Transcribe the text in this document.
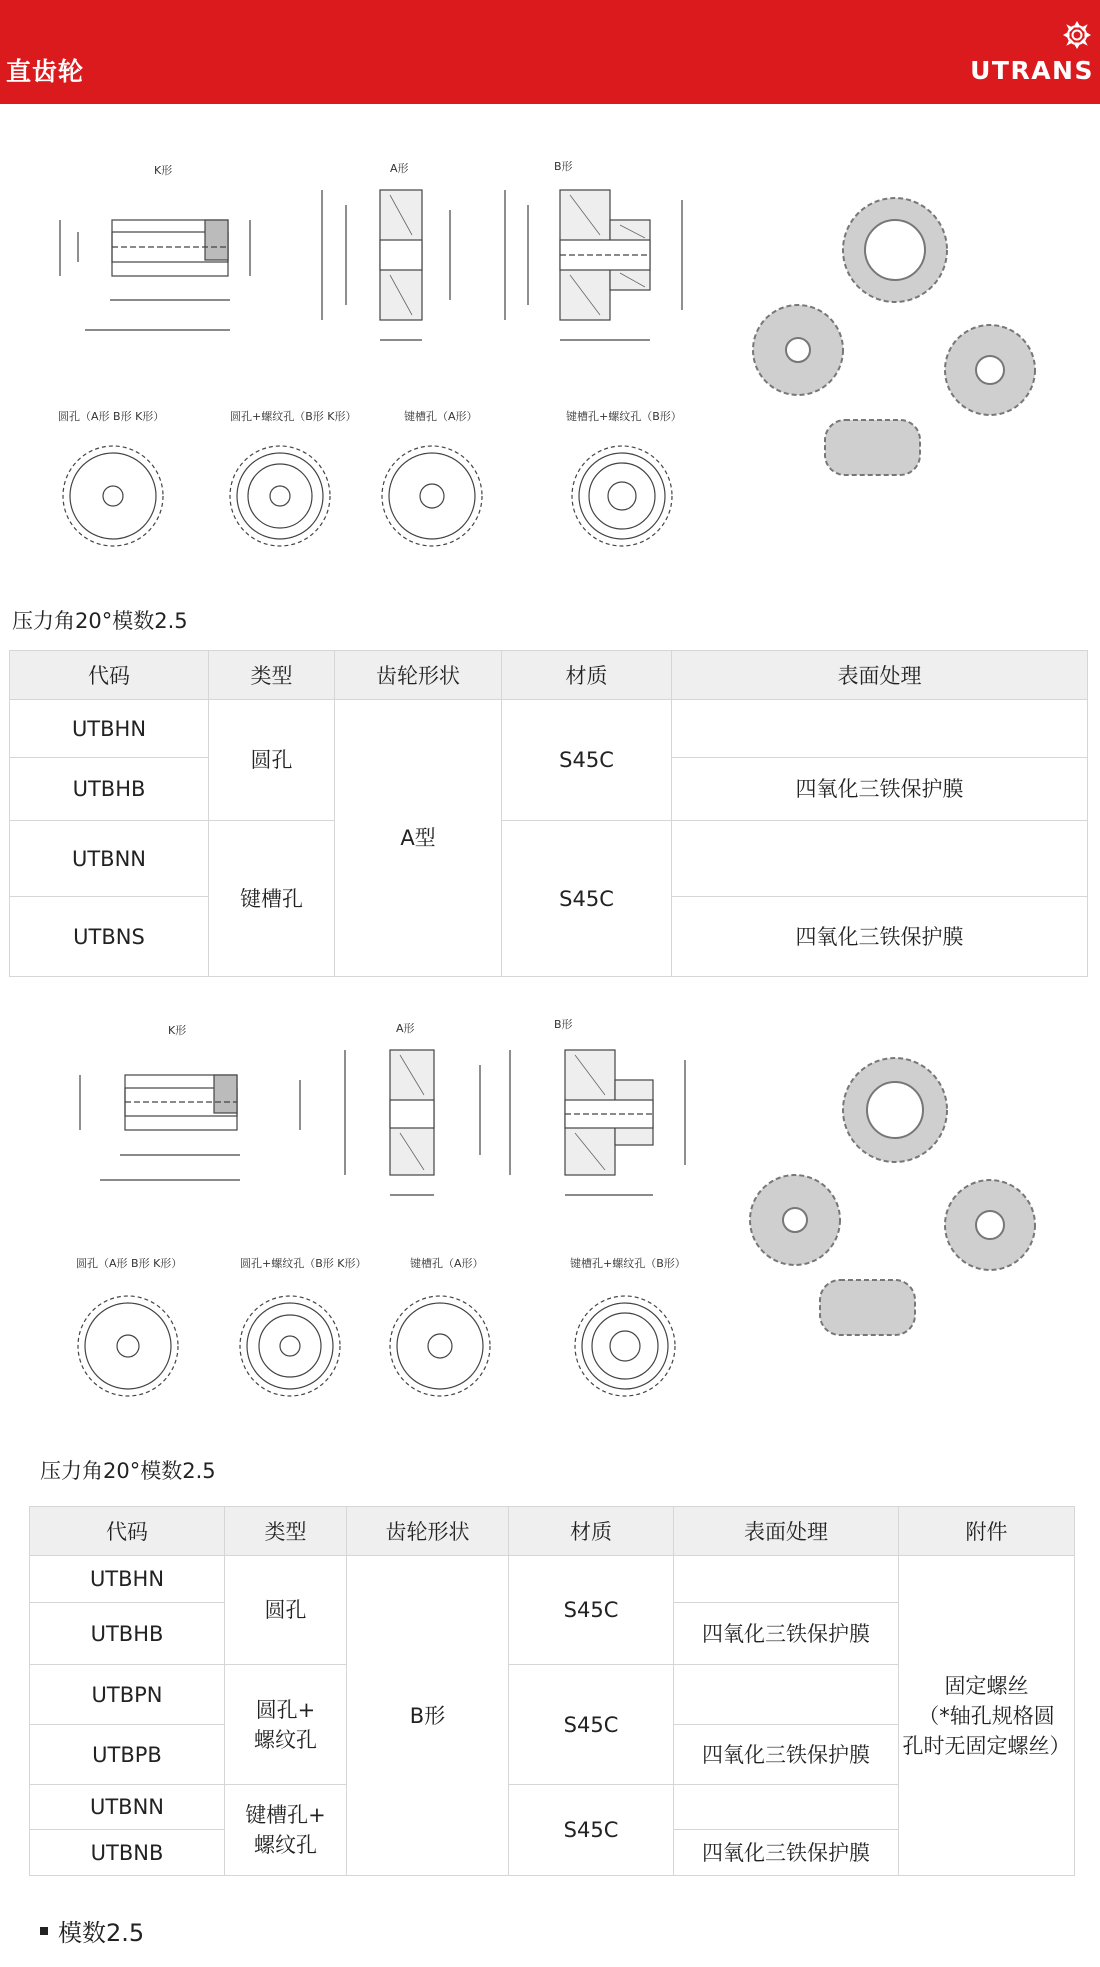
直齿轮	UTRANS
K形	A形	B形
圆孔（A形 B形 K形）	圆孔+螺纹孔（B形 K形）	键槽孔（A形）	键槽孔+螺纹孔（B形）
压力角20°模数2.5
代码	类型	齿轮形状	材质	表面处理
UTBHN	圆孔	A型	S45C	
UTBHB				四氧化三铁保护膜
UTBNN	键槽孔		S45C	
UTBNS				四氧化三铁保护膜
K形	A形	B形
圆孔（A形 B形 K形）	圆孔+螺纹孔（B形 K形）	键槽孔（A形）	键槽孔+螺纹孔（B形）
压力角20°模数2.5
代码	类型	齿轮形状	材质	表面处理	附件
UTBHN	圆孔	B形	S45C		固定螺丝
（*轴孔规格圆
孔时无固定螺丝）
UTBHB				四氧化三铁保护膜	
UTBPN	圆孔+
螺纹孔		S45C		
UTBPB				四氧化三铁保护膜	
UTBNN	键槽孔+
螺纹孔		S45C		
UTBNB				四氧化三铁保护膜	
模数2.5
